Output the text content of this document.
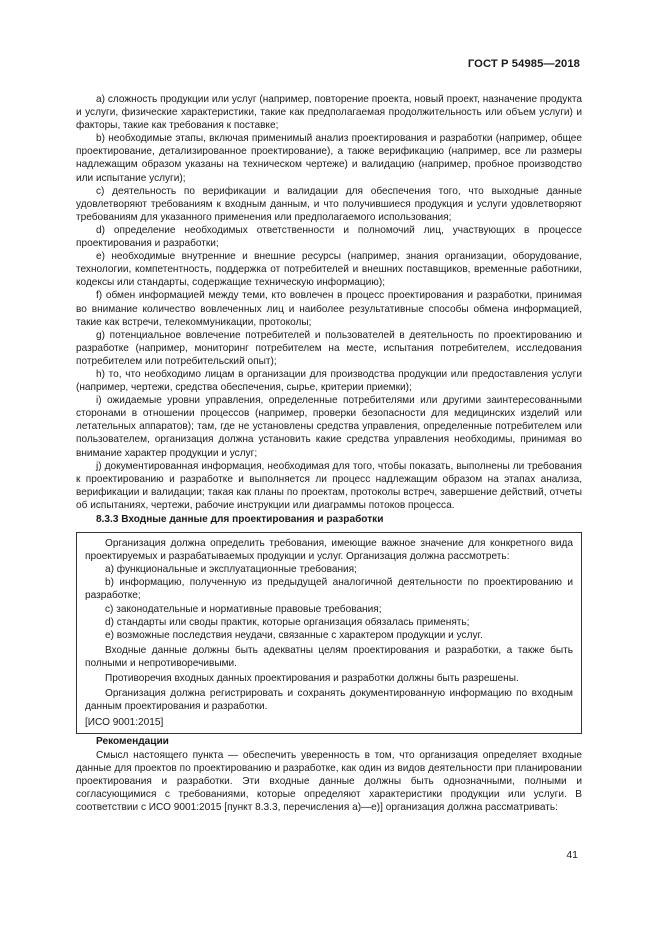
ГОСТ Р 54985—2018

a) сложность продукции или услуг (например, повторение проекта, новый проект, назначение продукта и услуги, физические характеристики, такие как предполагаемая продолжительность или объем услуги) и факторы, такие как требования к поставке;

b) необходимые этапы, включая применимый анализ проектирования и разработки (например, общее проектирование, детализированное проектирование), а также верификацию (например, все ли размеры надлежащим образом указаны на техническом чертеже) и валидацию (например, пробное производство или испытание услуги);

c) деятельность по верификации и валидации для обеспечения того, что выходные данные удовлетворяют требованиям к входным данным, и что получившиеся продукция и услуги удовлетворяют требованиям для указанного применения или предполагаемого использования;

d) определение необходимых ответственности и полномочий лиц, участвующих в процессе проектирования и разработки;

e) необходимые внутренние и внешние ресурсы (например, знания организации, оборудование, технологии, компетентность, поддержка от потребителей и внешних поставщиков, временные работники, кодексы или стандарты, содержащие техническую информацию);

f) обмен информацией между теми, кто вовлечен в процесс проектирования и разработки, принимая во внимание количество вовлеченных лиц и наиболее результативные способы обмена информацией, такие как встречи, телекоммуникации, протоколы;

g) потенциальное вовлечение потребителей и пользователей в деятельность по проектированию и разработке (например, мониторинг потребителем на месте, испытания потребителем, исследования потребителем или потребительский опыт);

h) то, что необходимо лицам в организации для производства продукции или предоставления услуги (например, чертежи, средства обеспечения, сырье, критерии приемки);

i) ожидаемые уровни управления, определенные потребителями или другими заинтересованными сторонами в отношении процессов (например, проверки безопасности для медицинских изделий или летательных аппаратов); там, где не установлены средства управления, определенные потребителем или пользователем, организация должна установить какие средства управления необходимы, принимая во внимание характер продукции и услуг;

j) документированная информация, необходимая для того, чтобы показать, выполнены ли требования к проектированию и разработке и выполняется ли процесс надлежащим образом на этапах анализа, верификации и валидации; такая как планы по проектам, протоколы встреч, завершение действий, отчеты об испытаниях, чертежи, рабочие инструкции или диаграммы потоков процесса.

8.3.3 Входные данные для проектирования и разработки

Организация должна определить требования, имеющие важное значение для конкретного вида проектируемых и разрабатываемых продукции и услуг. Организация должна рассмотреть:

a) функциональные и эксплуатационные требования;

b) информацию, полученную из предыдущей аналогичной деятельности по проектированию и разработке;

c) законодательные и нормативные правовые требования;

d) стандарты или своды практик, которые организация обязалась применять;

e) возможные последствия неудачи, связанные с характером продукции и услуг.

Входные данные должны быть адекватны целям проектирования и разработки, а также быть полными и непротиворечивыми.

Противоречия входных данных проектирования и разработки должны быть разрешены.

Организация должна регистрировать и сохранять документированную информацию по входным данным проектирования и разработки.

[ИСО 9001:2015]

Рекомендации

Смысл настоящего пункта — обеспечить уверенность в том, что организация определяет входные данные для проектов по проектированию и разработке, как один из видов деятельности при планировании проектирования и разработки. Эти входные данные должны быть однозначными, полными и согласующимися с требованиями, которые определяют характеристики продукции или услуги. В соответствии с ИСО 9001:2015 [пункт 8.3.3, перечисления а)—е)] организация должна рассматривать:

41
